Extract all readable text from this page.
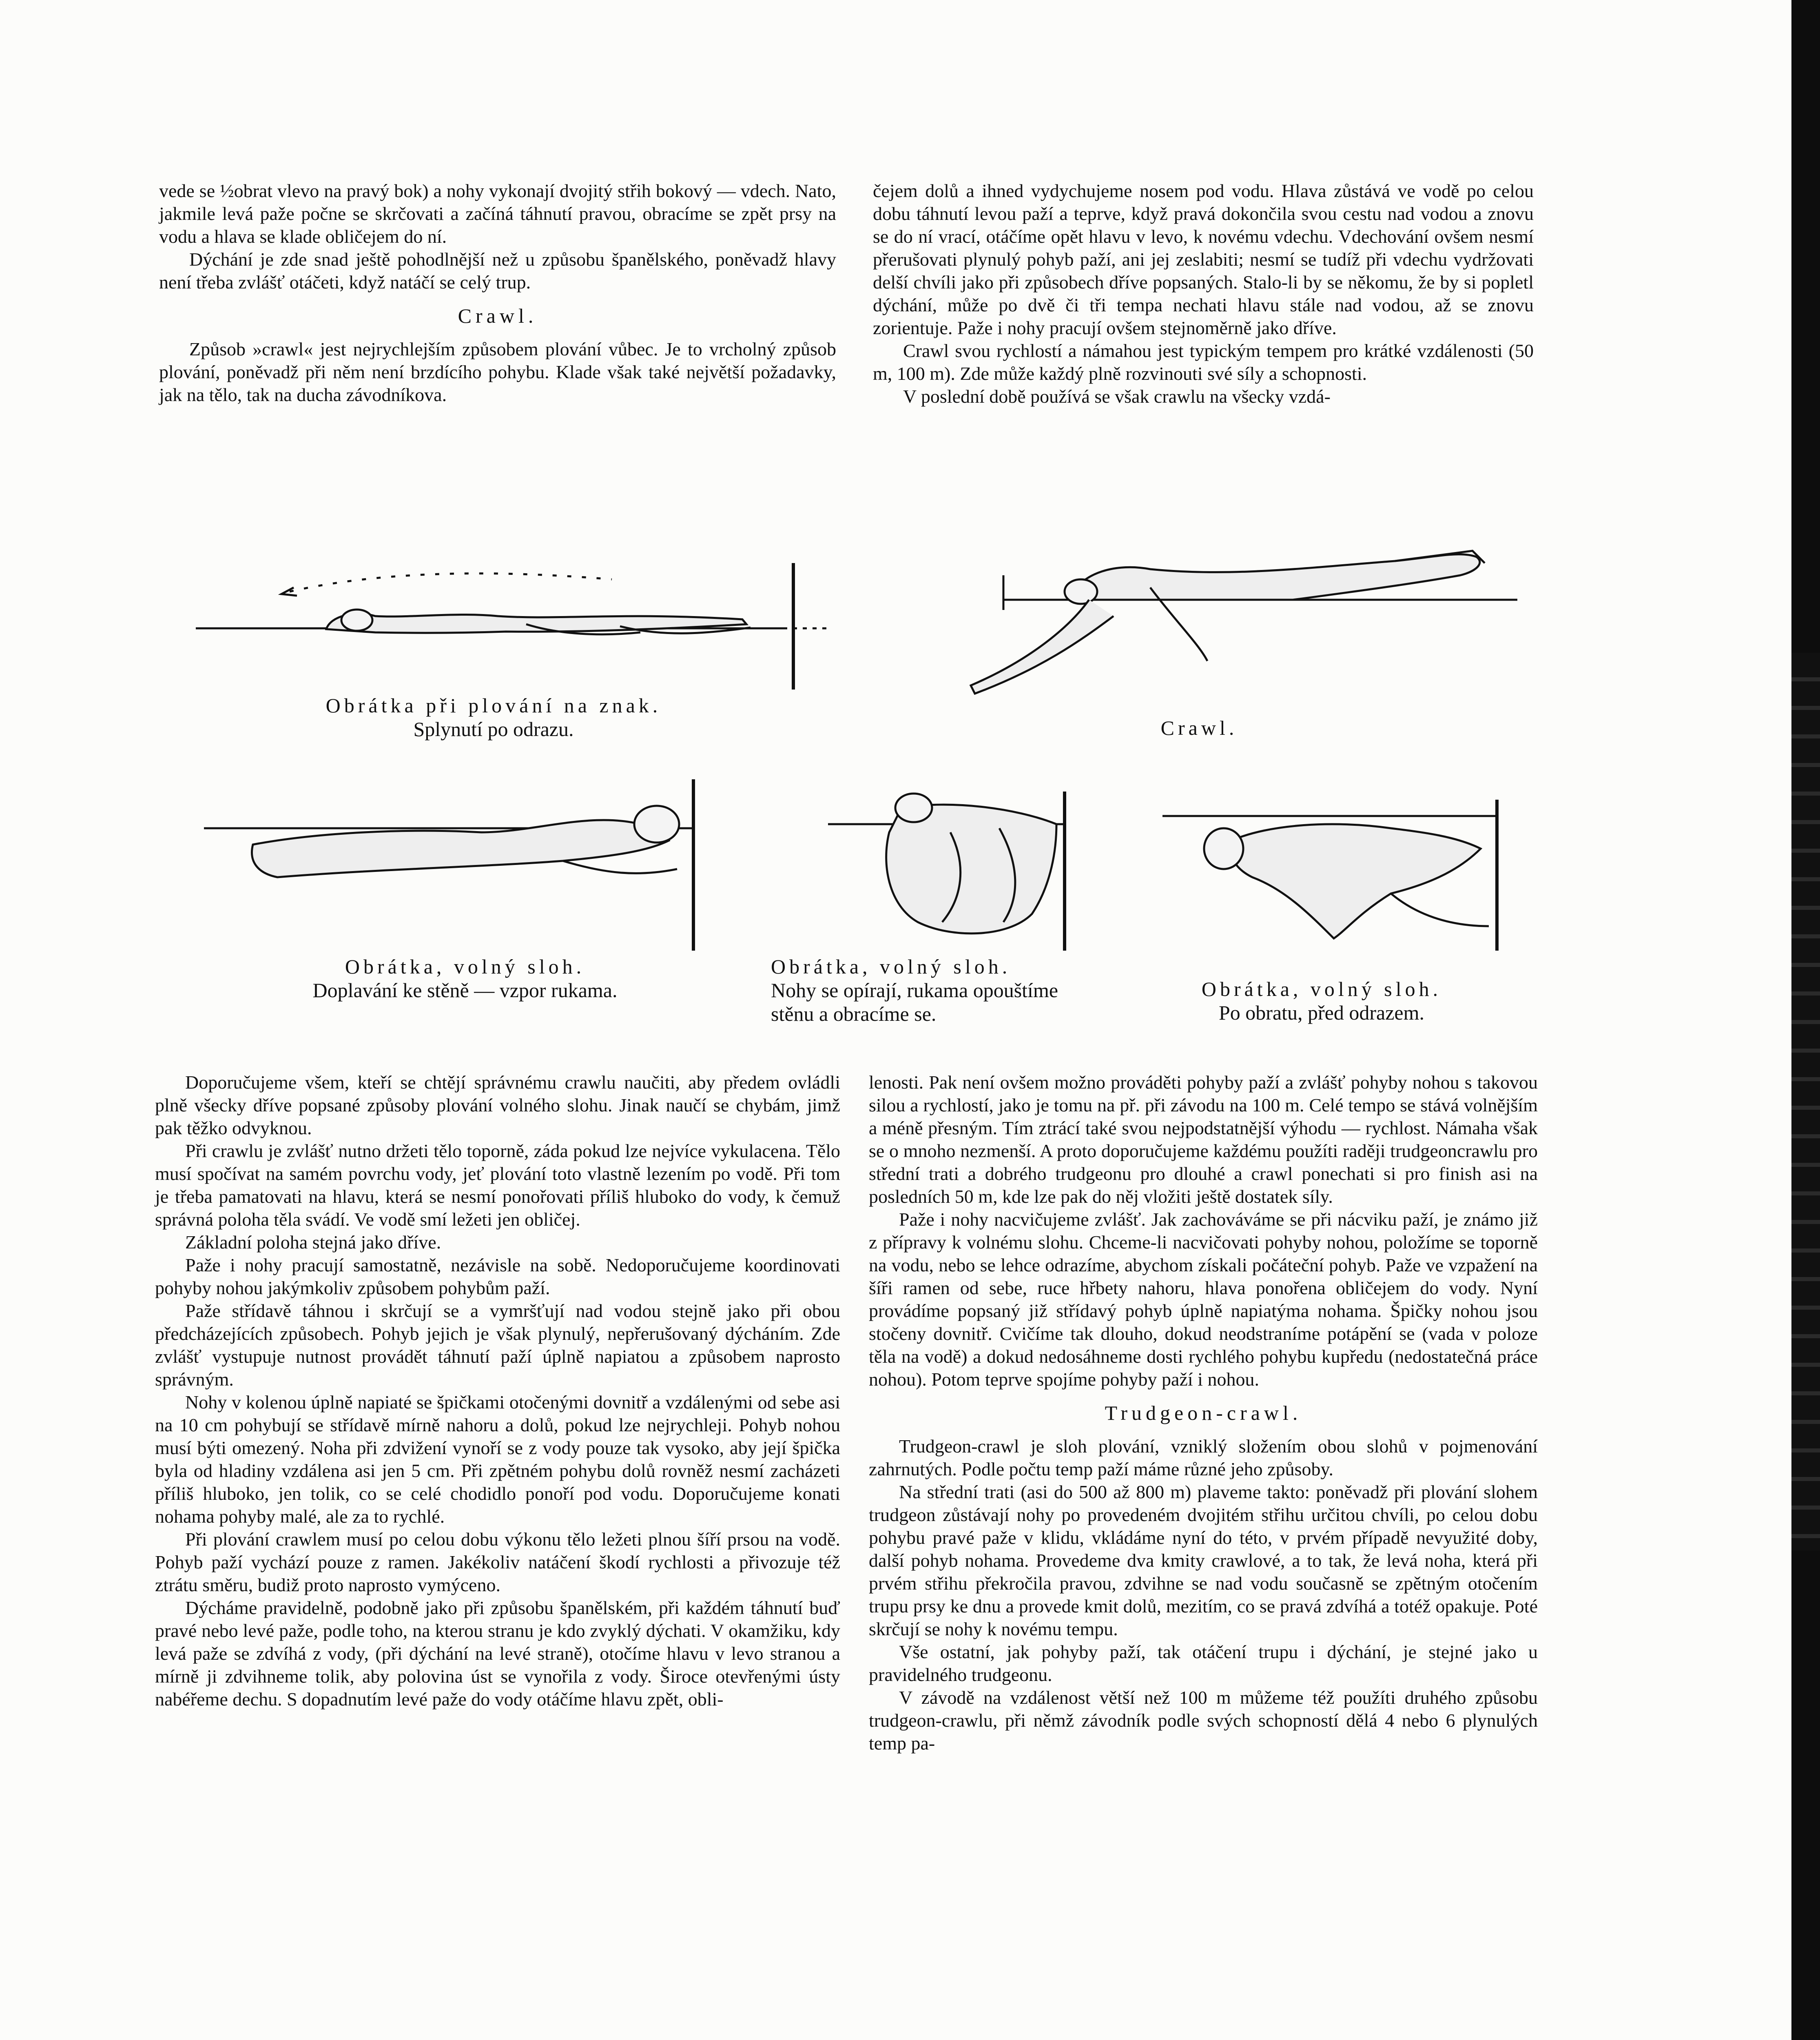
vede se ½obrat vlevo na pravý bok) a nohy vykonají dvojitý střih bokový — vdech. Nato, jakmile levá paže počne se skrčovati a začíná táhnutí pravou, obracíme se zpět prsy na vodu a hlava se klade obličejem do ní.

Dýchání je zde snad ještě pohodlnější než u způsobu španělského, poněvadž hlavy není třeba zvlášť otáčeti, když natáčí se celý trup.

Crawl.

Způsob »crawl« jest nejrychlejším způsobem plování vůbec. Je to vrcholný způsob plování, poněvadž při něm není brzdícího pohybu. Klade však také největší požadavky, jak na tělo, tak na ducha závodníkova.

čejem dolů a ihned vydychujeme nosem pod vodu. Hlava zůstává ve vodě po celou dobu táhnutí levou paží a teprve, když pravá dokončila svou cestu nad vodou a znovu se do ní vrací, otáčíme opět hlavu v levo, k novému vdechu. Vdechování ovšem nesmí přerušovati plynulý pohyb paží, ani jej zeslabiti; nesmí se tudíž při vdechu vydržovati delší chvíli jako při způsobech dříve popsaných. Stalo-li by se někomu, že by si popletl dýchání, může po dvě či tři tempa nechati hlavu stále nad vodou, až se znovu zorientuje. Paže i nohy pracují ovšem stejnoměrně jako dříve.

Crawl svou rychlostí a námahou jest typickým tempem pro krátké vzdálenosti (50 m, 100 m). Zde může každý plně rozvinouti své síly a schopnosti.

V poslední době používá se však crawlu na všecky vzdá-

Obrátka při plování na znak.
Splynutí po odrazu.	Crawl.
Obrátka, volný sloh.
Doplavání ke stěně — vzpor rukama.
Obrátka, volný sloh.
Nohy se opírají, rukama opouštíme stěnu a obracíme se.
Obrátka, volný sloh.
Po obratu, před odrazem.

Doporučujeme všem, kteří se chtějí správnému crawlu naučiti, aby předem ovládli plně všecky dříve popsané způsoby plování volného slohu. Jinak naučí se chybám, jimž pak těžko odvyknou.

Při crawlu je zvlášť nutno držeti tělo toporně, záda pokud lze nejvíce vykulacena. Tělo musí spočívat na samém povrchu vody, jeť plování toto vlastně lezením po vodě. Při tom je třeba pamatovati na hlavu, která se nesmí ponořovati příliš hluboko do vody, k čemuž správná poloha těla svádí. Ve vodě smí ležeti jen obličej.

Základní poloha stejná jako dříve.

Paže i nohy pracují samostatně, nezávisle na sobě. Nedoporučujeme koordinovati pohyby nohou jakýmkoliv způsobem pohybům paží.

Paže střídavě táhnou i skrčují se a vymršťují nad vodou stejně jako při obou předcházejících způsobech. Pohyb jejich je však plynulý, nepřerušovaný dýcháním. Zde zvlášť vystupuje nutnost provádět táhnutí paží úplně napiatou a způsobem naprosto správným.

Nohy v kolenou úplně napiaté se špičkami otočenými dovnitř a vzdálenými od sebe asi na 10 cm pohybují se střídavě mírně nahoru a dolů, pokud lze nejrychleji. Pohyb nohou musí býti omezený. Noha při zdvižení vynoří se z vody pouze tak vysoko, aby její špička byla od hladiny vzdálena asi jen 5 cm. Při zpětném pohybu dolů rovněž nesmí zacházeti příliš hluboko, jen tolik, co se celé chodidlo ponoří pod vodu. Doporučujeme konati nohama pohyby malé, ale za to rychlé.

Při plování crawlem musí po celou dobu výkonu tělo ležeti plnou šíří prsou na vodě. Pohyb paží vychází pouze z ramen. Jakékoliv natáčení škodí rychlosti a přivozuje též ztrátu směru, budiž proto naprosto vymýceno.

Dýcháme pravidelně, podobně jako při způsobu španělském, při každém táhnutí buď pravé nebo levé paže, podle toho, na kterou stranu je kdo zvyklý dýchati. V okamžiku, kdy levá paže se zdvíhá z vody, (při dýchání na levé straně), otočíme hlavu v levo stranou a mírně ji zdvihneme tolik, aby polovina úst se vynořila z vody. Široce otevřenými ústy nabéřeme dechu. S dopadnutím levé paže do vody otáčíme hlavu zpět, obli-

lenosti. Pak není ovšem možno prováděti pohyby paží a zvlášť pohyby nohou s takovou silou a rychlostí, jako je tomu na př. při závodu na 100 m. Celé tempo se stává volnějším a méně přesným. Tím ztrácí také svou nejpodstatnější výhodu — rychlost. Námaha však se o mnoho nezmenší. A proto doporučujeme každému použíti raději trudgeoncrawlu pro střední trati a dobrého trudgeonu pro dlouhé a crawl ponechati si pro finish asi na posledních 50 m, kde lze pak do něj vložiti ještě dostatek síly.

Paže i nohy nacvičujeme zvlášť. Jak zachováváme se při nácviku paží, je známo již z přípravy k volnému slohu. Chceme-li nacvičovati pohyby nohou, položíme se toporně na vodu, nebo se lehce odrazíme, abychom získali počáteční pohyb. Paže ve vzpažení na šíři ramen od sebe, ruce hřbety nahoru, hlava ponořena obličejem do vody. Nyní provádíme popsaný již střídavý pohyb úplně napiatýma nohama. Špičky nohou jsou stočeny dovnitř. Cvičíme tak dlouho, dokud neodstraníme potápění se (vada v poloze těla na vodě) a dokud nedosáhneme dosti rychlého pohybu kupředu (nedostatečná práce nohou). Potom teprve spojíme pohyby paží i nohou.

Trudgeon-crawl.

Trudgeon-crawl je sloh plování, vzniklý složením obou slohů v pojmenování zahrnutých. Podle počtu temp paží máme různé jeho způsoby.

Na střední trati (asi do 500 až 800 m) plaveme takto: poněvadž při plování slohem trudgeon zůstávají nohy po provedeném dvojitém střihu určitou chvíli, po celou dobu pohybu pravé paže v klidu, vkládáme nyní do této, v prvém případě nevyužité doby, další pohyb nohama. Provedeme dva kmity crawlové, a to tak, že levá noha, která při prvém střihu překročila pravou, zdvihne se nad vodu současně se zpětným otočením trupu prsy ke dnu a provede kmit dolů, mezitím, co se pravá zdvíhá a totéž opakuje. Poté skrčují se nohy k novému tempu.

Vše ostatní, jak pohyby paží, tak otáčení trupu i dýchání, je stejné jako u pravidelného trudgeonu.

V závodě na vzdálenost větší než 100 m můžeme též použíti druhého způsobu trudgeon-crawlu, při němž závodník podle svých schopností dělá 4 nebo 6 plynulých temp pa-
